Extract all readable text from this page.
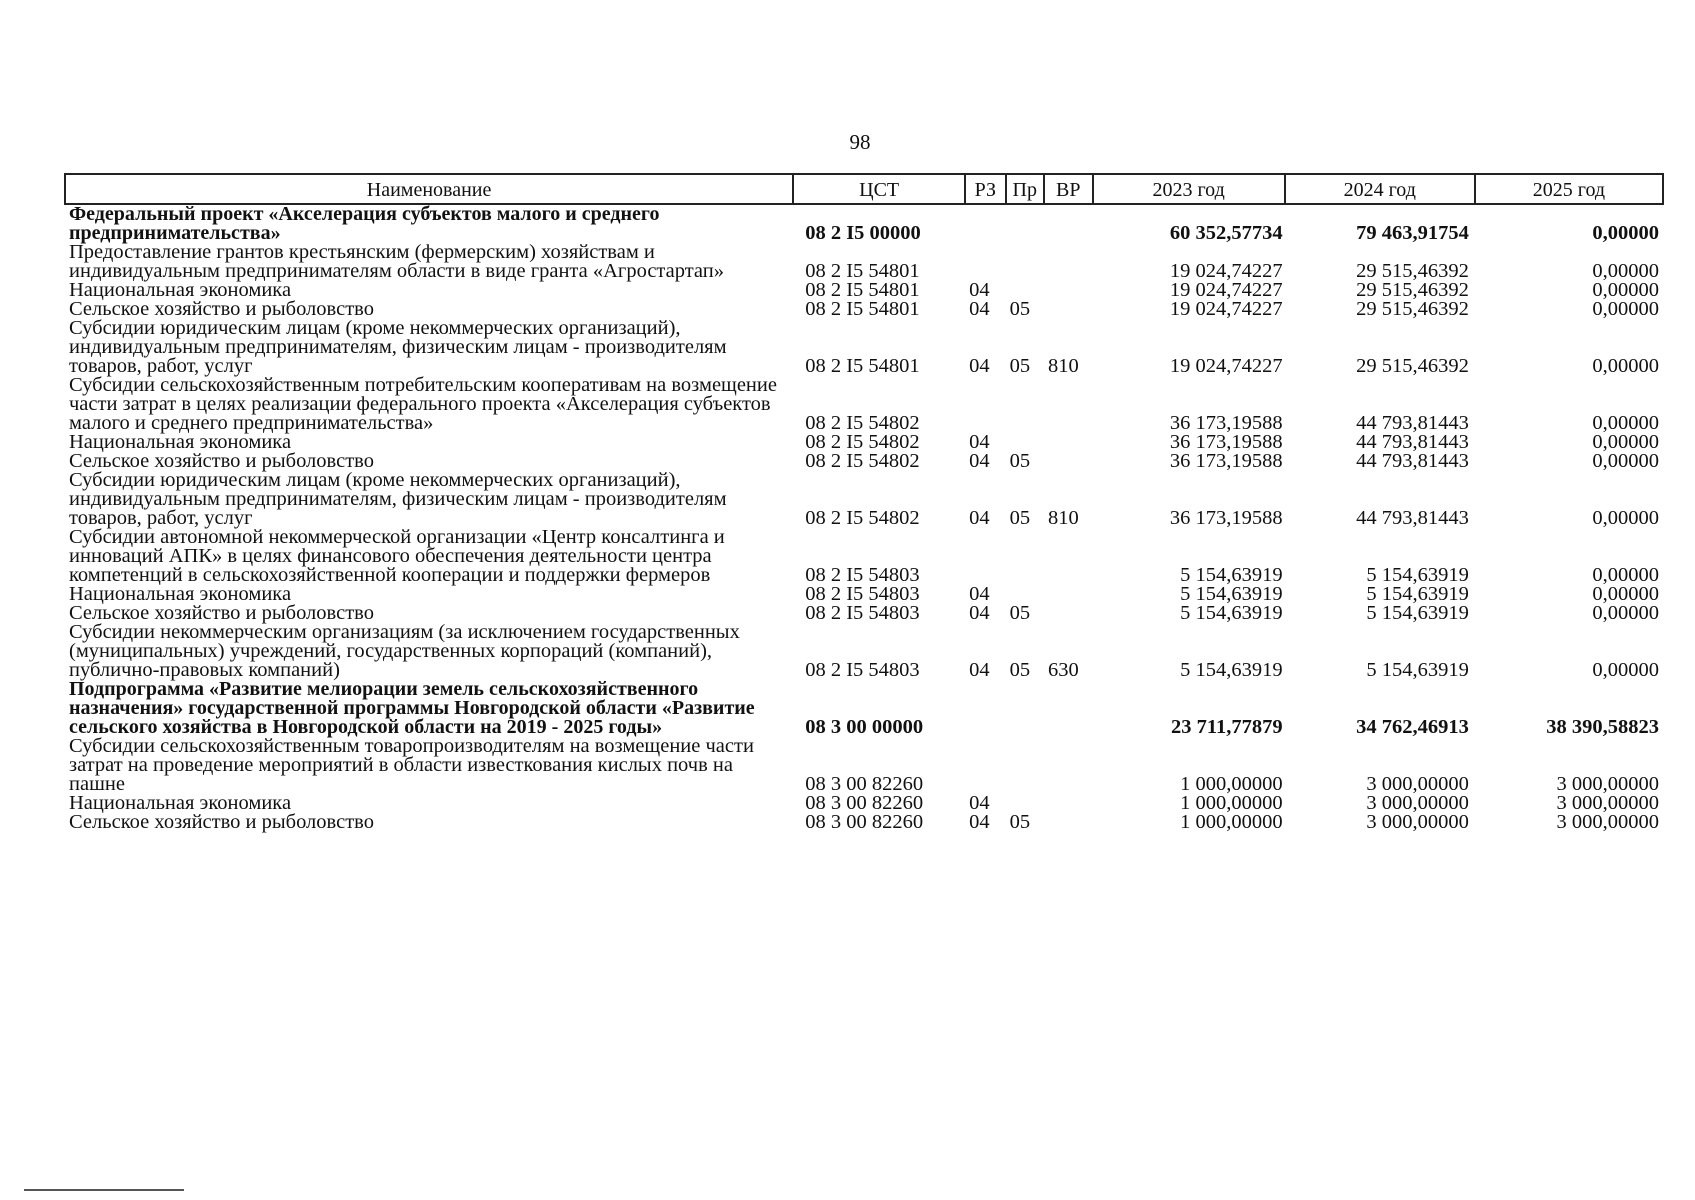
98
Наименование	ЦСТ	РЗ	Пр	ВР	2023 год	2024 год	2025 год
Федеральный проект «Акселерация субъектов малого и среднего предпринимательства»	08 2 I5 00000				60 352,57734	79 463,91754	0,00000
Предоставление грантов крестьянским (фермерским) хозяйствам и индивидуальным предпринимателям области в виде гранта «Агростартап»	08 2 I5 54801				19 024,74227	29 515,46392	0,00000
Национальная экономика	08 2 I5 54801	04			19 024,74227	29 515,46392	0,00000
Сельское хозяйство и рыболовство	08 2 I5 54801	04	05		19 024,74227	29 515,46392	0,00000
Субсидии юридическим лицам (кроме некоммерческих организаций), индивидуальным предпринимателям, физическим лицам - производителям товаров, работ, услуг	08 2 I5 54801	04	05	810	19 024,74227	29 515,46392	0,00000
Субсидии сельскохозяйственным потребительским кооперативам на возмещение части затрат в целях реализации федерального проекта «Акселерация субъектов малого и среднего предпринимательства»	08 2 I5 54802				36 173,19588	44 793,81443	0,00000
Национальная экономика	08 2 I5 54802	04			36 173,19588	44 793,81443	0,00000
Сельское хозяйство и рыболовство	08 2 I5 54802	04	05		36 173,19588	44 793,81443	0,00000
Субсидии юридическим лицам (кроме некоммерческих организаций), индивидуальным предпринимателям, физическим лицам - производителям товаров, работ, услуг	08 2 I5 54802	04	05	810	36 173,19588	44 793,81443	0,00000
Субсидии автономной некоммерческой организации «Центр консалтинга и инноваций АПК» в целях финансового обеспечения деятельности центра компетенций в сельскохозяйственной кооперации и поддержки фермеров	08 2 I5 54803				5 154,63919	5 154,63919	0,00000
Национальная экономика	08 2 I5 54803	04			5 154,63919	5 154,63919	0,00000
Сельское хозяйство и рыболовство	08 2 I5 54803	04	05		5 154,63919	5 154,63919	0,00000
Субсидии некоммерческим организациям (за исключением государственных (муниципальных) учреждений, государственных корпораций (компаний), публично-правовых компаний)	08 2 I5 54803	04	05	630	5 154,63919	5 154,63919	0,00000
Подпрограмма «Развитие мелиорации земель сельскохозяйственного назначения» государственной программы Новгородской области «Развитие сельского хозяйства в Новгородской области на 2019 - 2025 годы»	08 3 00 00000				23 711,77879	34 762,46913	38 390,58823
Субсидии сельскохозяйственным товаропроизводителям на возмещение части затрат на проведение мероприятий в области известкования кислых почв на пашне	08 3 00 82260				1 000,00000	3 000,00000	3 000,00000
Национальная экономика	08 3 00 82260	04			1 000,00000	3 000,00000	3 000,00000
Сельское хозяйство и рыболовство	08 3 00 82260	04	05		1 000,00000	3 000,00000	3 000,00000
